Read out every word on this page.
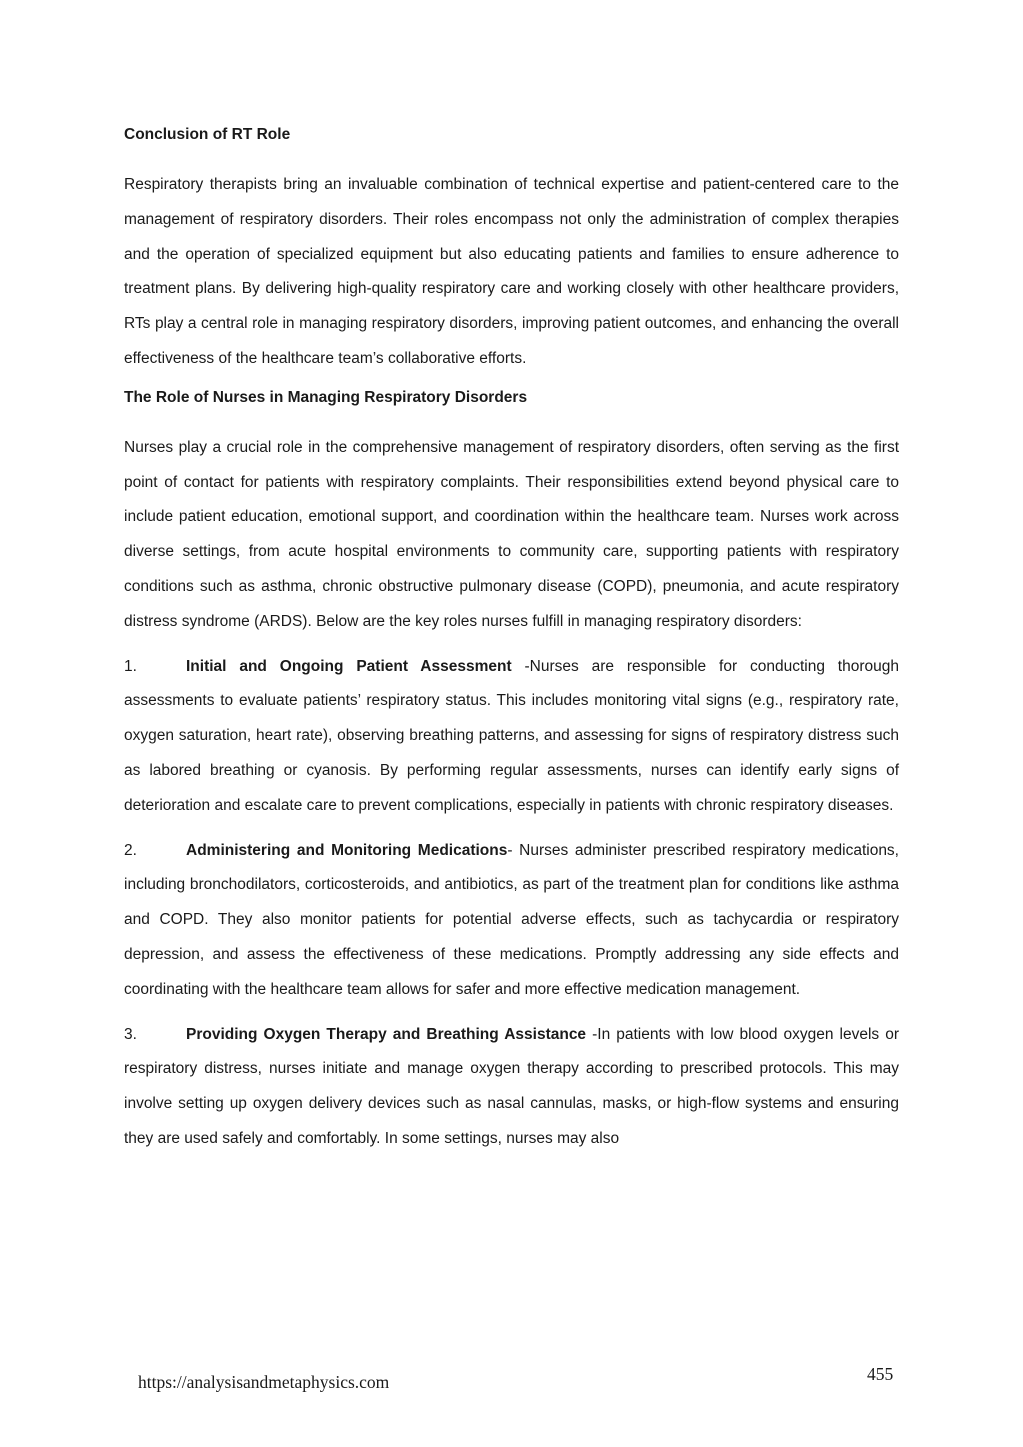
Conclusion of RT Role

Respiratory therapists bring an invaluable combination of technical expertise and patient-centered care to the management of respiratory disorders. Their roles encompass not only the administration of complex therapies and the operation of specialized equipment but also educating patients and families to ensure adherence to treatment plans. By delivering high-quality respiratory care and working closely with other healthcare providers, RTs play a central role in managing respiratory disorders, improving patient outcomes, and enhancing the overall effectiveness of the healthcare team’s collaborative efforts.

The Role of Nurses in Managing Respiratory Disorders

Nurses play a crucial role in the comprehensive management of respiratory disorders, often serving as the first point of contact for patients with respiratory complaints. Their responsibilities extend beyond physical care to include patient education, emotional support, and coordination within the healthcare team. Nurses work across diverse settings, from acute hospital environments to community care, supporting patients with respiratory conditions such as asthma, chronic obstructive pulmonary disease (COPD), pneumonia, and acute respiratory distress syndrome (ARDS). Below are the key roles nurses fulfill in managing respiratory disorders:

1.	Initial and Ongoing Patient Assessment -Nurses are responsible for conducting thorough assessments to evaluate patients’ respiratory status. This includes monitoring vital signs (e.g., respiratory rate, oxygen saturation, heart rate), observing breathing patterns, and assessing for signs of respiratory distress such as labored breathing or cyanosis. By performing regular assessments, nurses can identify early signs of deterioration and escalate care to prevent complications, especially in patients with chronic respiratory diseases.

2.	Administering and Monitoring Medications- Nurses administer prescribed respiratory medications, including bronchodilators, corticosteroids, and antibiotics, as part of the treatment plan for conditions like asthma and COPD. They also monitor patients for potential adverse effects, such as tachycardia or respiratory depression, and assess the effectiveness of these medications. Promptly addressing any side effects and coordinating with the healthcare team allows for safer and more effective medication management.

3.	Providing Oxygen Therapy and Breathing Assistance -In patients with low blood oxygen levels or respiratory distress, nurses initiate and manage oxygen therapy according to prescribed protocols. This may involve setting up oxygen delivery devices such as nasal cannulas, masks, or high-flow systems and ensuring they are used safely and comfortably. In some settings, nurses may also

https://analysisandmetaphysics.com	455
